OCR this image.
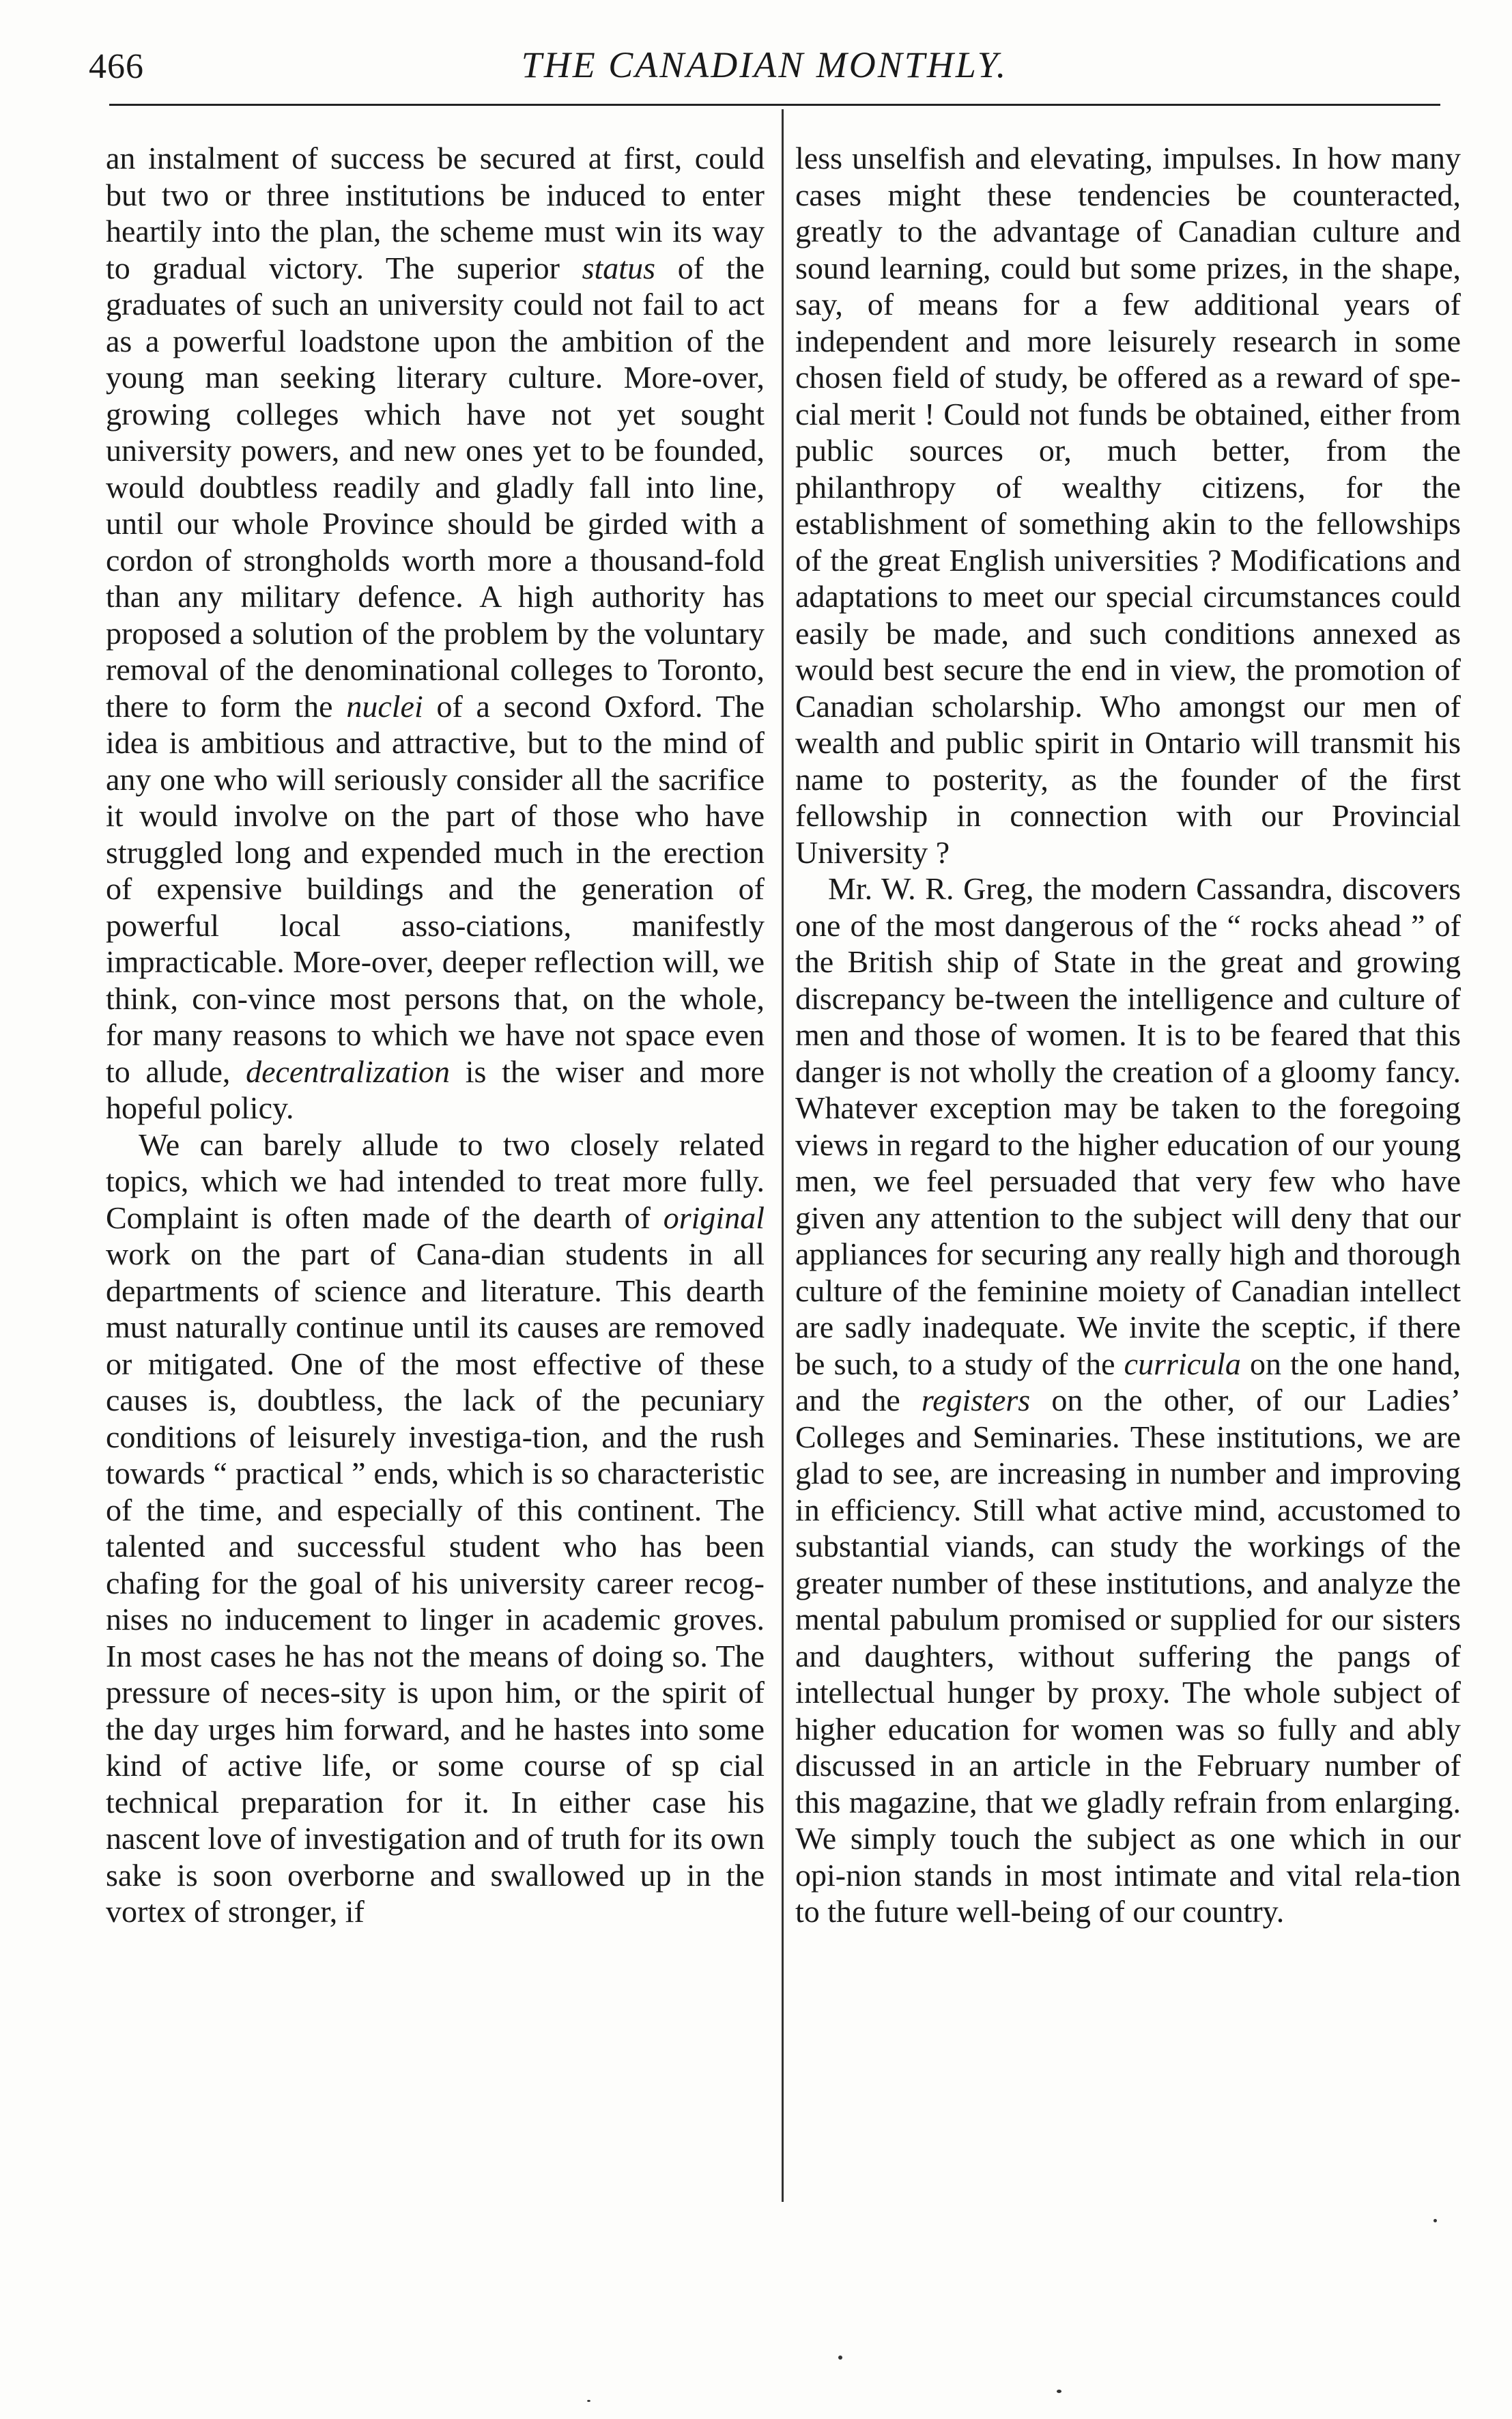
466	THE CANADIAN MONTHLY.

an instalment of success be secured at first, could but two or three institutions be induced to enter heartily into the plan, the scheme must win its way to gradual victory. The superior status of the graduates of such an university could not fail to act as a powerful loadstone upon the ambition of the young man seeking literary culture. More-over, growing colleges which have not yet sought university powers, and new ones yet to be founded, would doubtless readily and gladly fall into line, until our whole Province should be girded with a cordon of strongholds worth more a thousand-fold than any military defence. A high authority has proposed a solution of the problem by the voluntary removal of the denominational colleges to Toronto, there to form the nuclei of a second Oxford. The idea is ambitious and attractive, but to the mind of any one who will seriously consider all the sacrifice it would involve on the part of those who have struggled long and expended much in the erection of expensive buildings and the generation of powerful local asso-ciations, manifestly impracticable. More-over, deeper reflection will, we think, con-vince most persons that, on the whole, for many reasons to which we have not space even to allude, decentralization is the wiser and more hopeful policy.

We can barely allude to two closely related topics, which we had intended to treat more fully. Complaint is often made of the dearth of original work on the part of Cana-dian students in all departments of science and literature. This dearth must naturally continue until its causes are removed or mitigated. One of the most effective of these causes is, doubtless, the lack of the pecuniary conditions of leisurely investiga-tion, and the rush towards “ practical ” ends, which is so characteristic of the time, and especially of this continent. The talented and successful student who has been chafing for the goal of his university career recog-nises no inducement to linger in academic groves. In most cases he has not the means of doing so. The pressure of neces-sity is upon him, or the spirit of the day urges him forward, and he hastes into some kind of active life, or some course of sp cial technical preparation for it. In either case his nascent love of investigation and of truth for its own sake is soon overborne and swallowed up in the vortex of stronger, if

less unselfish and elevating, impulses. In how many cases might these tendencies be counteracted, greatly to the advantage of Canadian culture and sound learning, could but some prizes, in the shape, say, of means for a few additional years of independent and more leisurely research in some chosen field of study, be offered as a reward of spe-cial merit ! Could not funds be obtained, either from public sources or, much better, from the philanthropy of wealthy citizens, for the establishment of something akin to the fellowships of the great English universities ? Modifications and adaptations to meet our special circumstances could easily be made, and such conditions annexed as would best secure the end in view, the promotion of Canadian scholarship. Who amongst our men of wealth and public spirit in Ontario will transmit his name to posterity, as the founder of the first fellowship in connection with our Provincial University ?

Mr. W. R. Greg, the modern Cassandra, discovers one of the most dangerous of the “ rocks ahead ” of the British ship of State in the great and growing discrepancy be-tween the intelligence and culture of men and those of women. It is to be feared that this danger is not wholly the creation of a gloomy fancy. Whatever exception may be taken to the foregoing views in regard to the higher education of our young men, we feel persuaded that very few who have given any attention to the subject will deny that our appliances for securing any really high and thorough culture of the feminine moiety of Canadian intellect are sadly inadequate. We invite the sceptic, if there be such, to a study of the curricula on the one hand, and the registers on the other, of our Ladies’ Colleges and Seminaries. These institutions, we are glad to see, are increasing in number and improving in efficiency. Still what active mind, accustomed to substantial viands, can study the workings of the greater number of these institutions, and analyze the mental pabulum promised or supplied for our sisters and daughters, without suffering the pangs of intellectual hunger by proxy. The whole subject of higher education for women was so fully and ably discussed in an article in the February number of this magazine, that we gladly refrain from enlarging. We simply touch the subject as one which in our opi-nion stands in most intimate and vital rela-tion to the future well-being of our country.
